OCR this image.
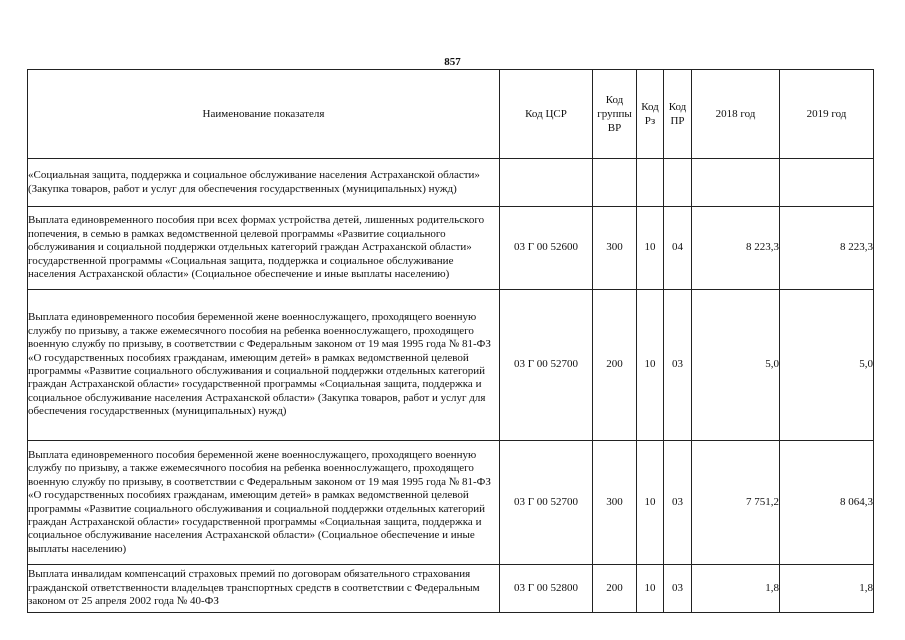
857
Наименование показателя	Код ЦСР	Код группы ВР	Код Рз	Код ПР	2018 год	2019 год
«Социальная защита, поддержка и социальное обслуживание населения Астраханской области» (Закупка товаров, работ и услуг для обеспечения государственных (муниципальных) нужд)						
Выплата единовременного пособия при всех формах устройства детей, лишенных родительского попечения, в семью в рамках ведомственной целевой программы «Развитие социального обслуживания и социальной поддержки отдельных категорий граждан Астраханской области» государственной программы «Социальная защита, поддержка и социальное обслуживание населения Астраханской области» (Социальное обеспечение и иные выплаты населению)	03 Г 00 52600	300	10	04	8 223,3	8 223,3
Выплата единовременного пособия беременной жене военнослужащего, проходящего военную службу по призыву, а также ежемесячного пособия на ребенка военнослужащего, проходящего военную службу по призыву, в соответствии с Федеральным законом от 19 мая 1995 года № 81-ФЗ «О государственных пособиях гражданам, имеющим детей» в рамках ведомственной целевой программы «Развитие социального обслуживания и социальной поддержки отдельных категорий граждан Астраханской области» государственной программы «Социальная защита, поддержка и социальное обслуживание населения Астраханской области» (Закупка товаров, работ и услуг для обеспечения государственных (муниципальных) нужд)	03 Г 00 52700	200	10	03	5,0	5,0
Выплата единовременного пособия беременной жене военнослужащего, проходящего военную службу по призыву, а также ежемесячного пособия на ребенка военнослужащего, проходящего военную службу по призыву, в соответствии с Федеральным законом от 19 мая 1995 года № 81-ФЗ «О государственных пособиях гражданам, имеющим детей» в рамках ведомственной целевой программы «Развитие социального обслуживания и социальной поддержки отдельных категорий граждан Астраханской области» государственной программы «Социальная защита, поддержка и социальное обслуживание населения Астраханской области» (Социальное обеспечение и иные выплаты населению)	03 Г 00 52700	300	10	03	7 751,2	8 064,3
Выплата инвалидам компенсаций страховых премий по договорам обязательного страхования гражданской ответственности владельцев транспортных средств в соответствии с Федеральным законом от 25 апреля 2002 года № 40-ФЗ	03 Г 00 52800	200	10	03	1,8	1,8
